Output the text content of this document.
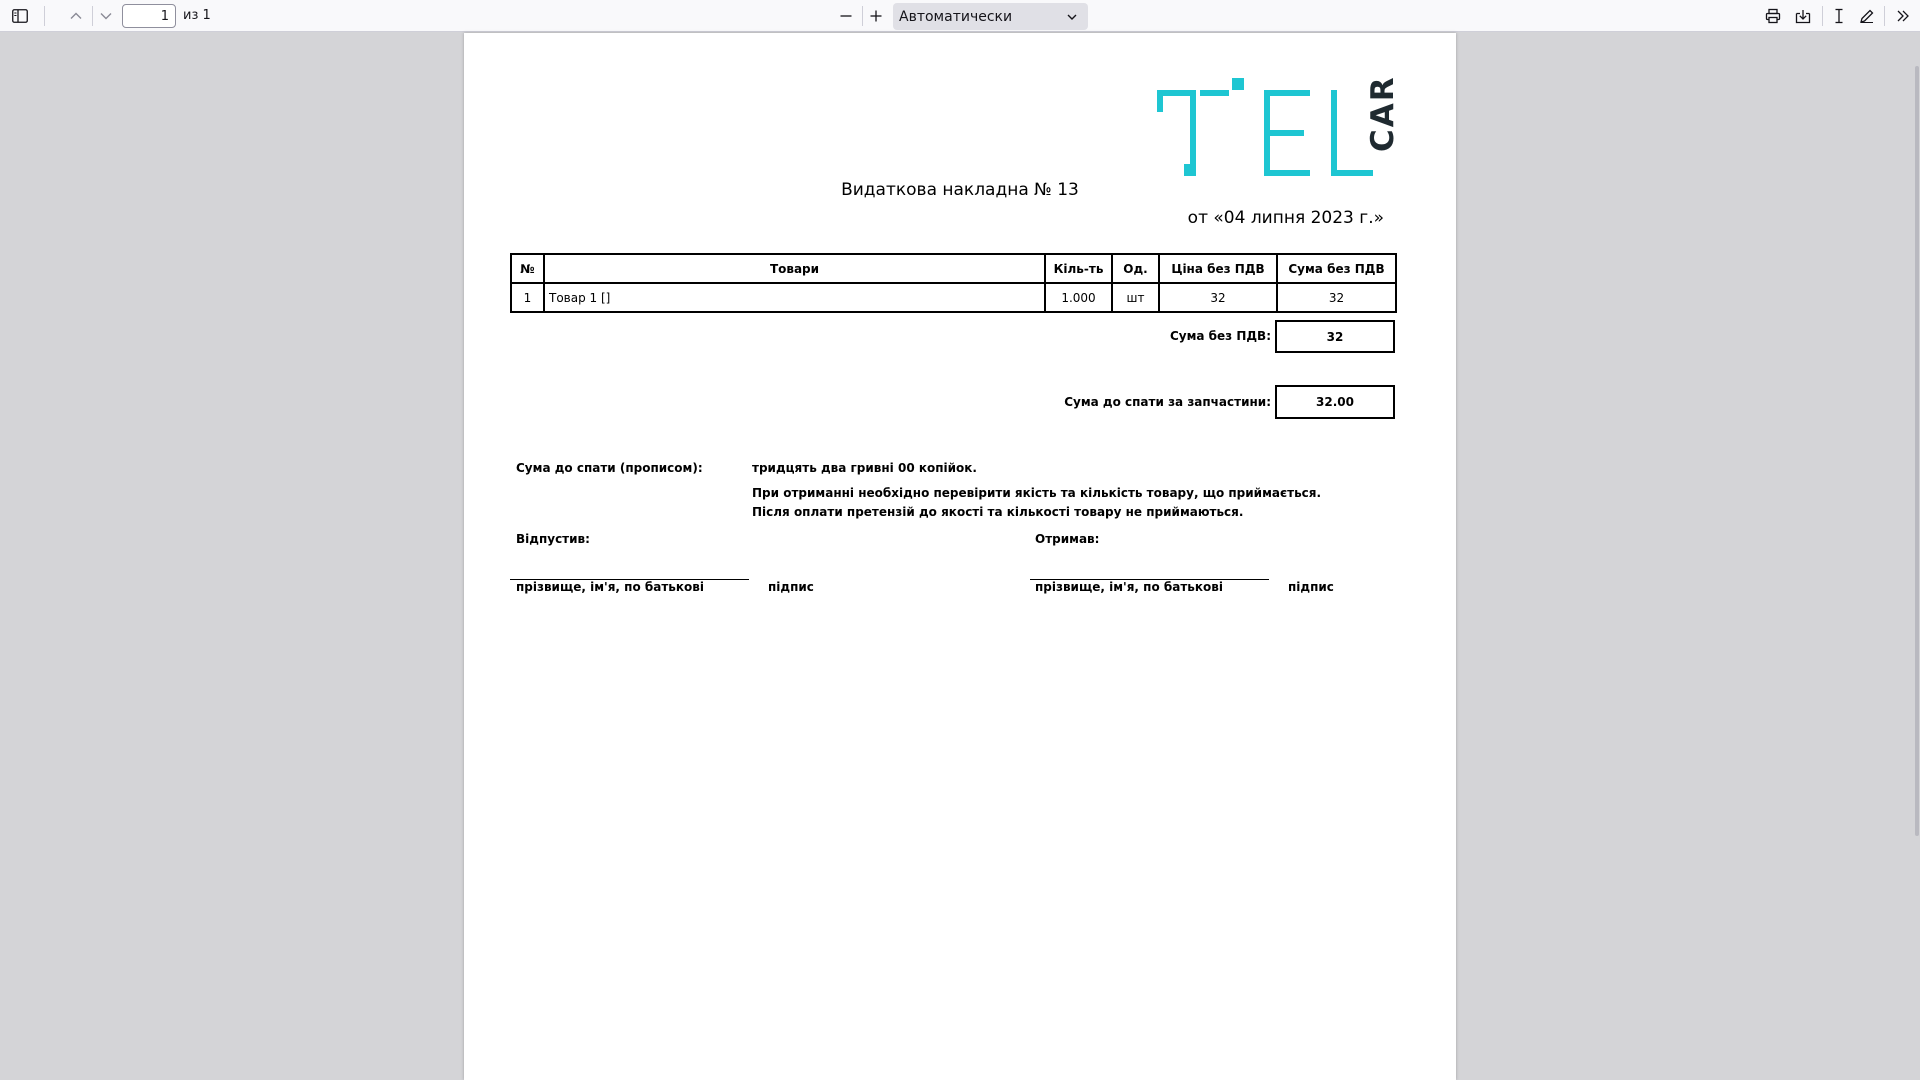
1
из 1	Автоматически
CAR
Видаткова накладна № 13
от «04 липня 2023 г.»
№	Товари	Кіль-ть	Од.	Ціна без ПДВ	Сума без ПДВ
1	Товар 1 []	1.000	шт	32	32
Сума без ПДВ:	32
Сума до спати за запчастини:	32.00
Сума до спати (прописом):	тридцять два гривні 00 копійок.
При отриманні необхідно перевірити якість та кількість товару, що приймається.
Після оплати претензій до якості та кількості товару не приймаються.
Відпустив:	Отримав:
прізвище, ім'я, по батькові	підпис	прізвище, ім'я, по батькові	підпис
